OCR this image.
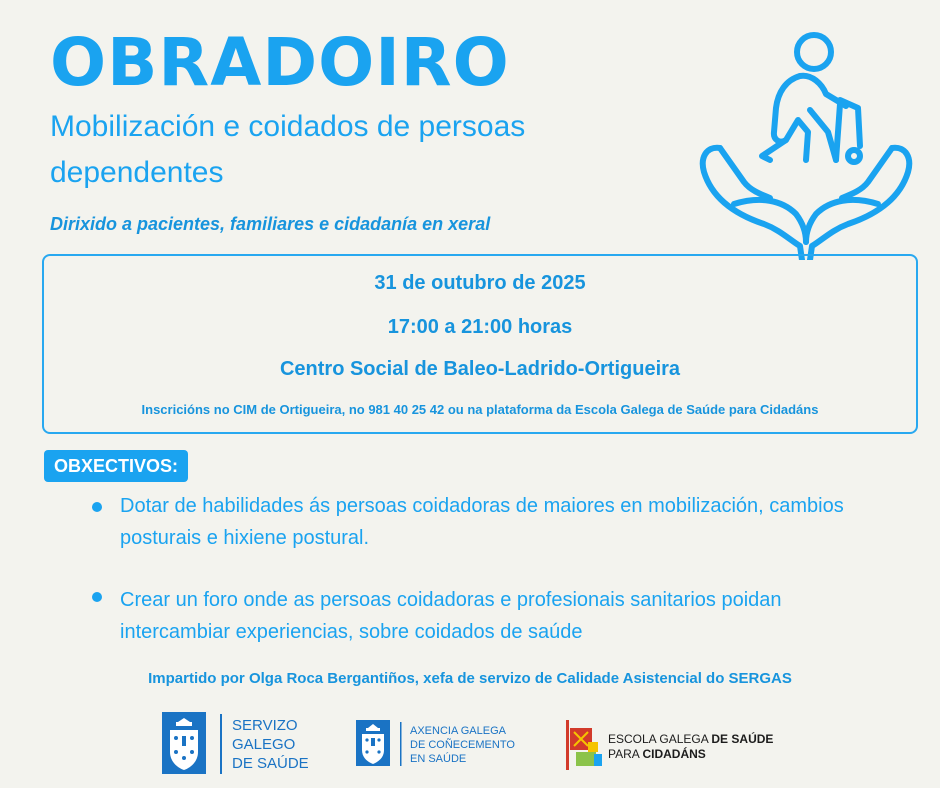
OBRADOIRO
Mobilización e coidados de persoas dependentes
Dirixido a pacientes, familiares e cidadanía en xeral
31 de outubro de 2025
17:00 a 21:00 horas
Centro Social de Baleo-Ladrido-Ortigueira
Inscricións no CIM de Ortigueira, no 981 40 25 42 ou na plataforma da Escola Galega de Saúde para Cidadáns
OBXECTIVOS:
Dotar de habilidades ás persoas coidadoras de maiores en mobilización, cambios posturais e hixiene postural.
Crear un foro onde as persoas coidadoras e profesionais sanitarios poidan intercambiar experiencias, sobre coidados de saúde
Impartido por Olga Roca Bergantiños, xefa de servizo de Calidade Asistencial do SERGAS
SERVIZO
GALEGO
DE SAÚDE
AXENCIA GALEGA
DE COÑECEMENTO
EN SAÚDE
ESCOLA GALEGA DE SAÚDE
PARA CIDADÁNS
